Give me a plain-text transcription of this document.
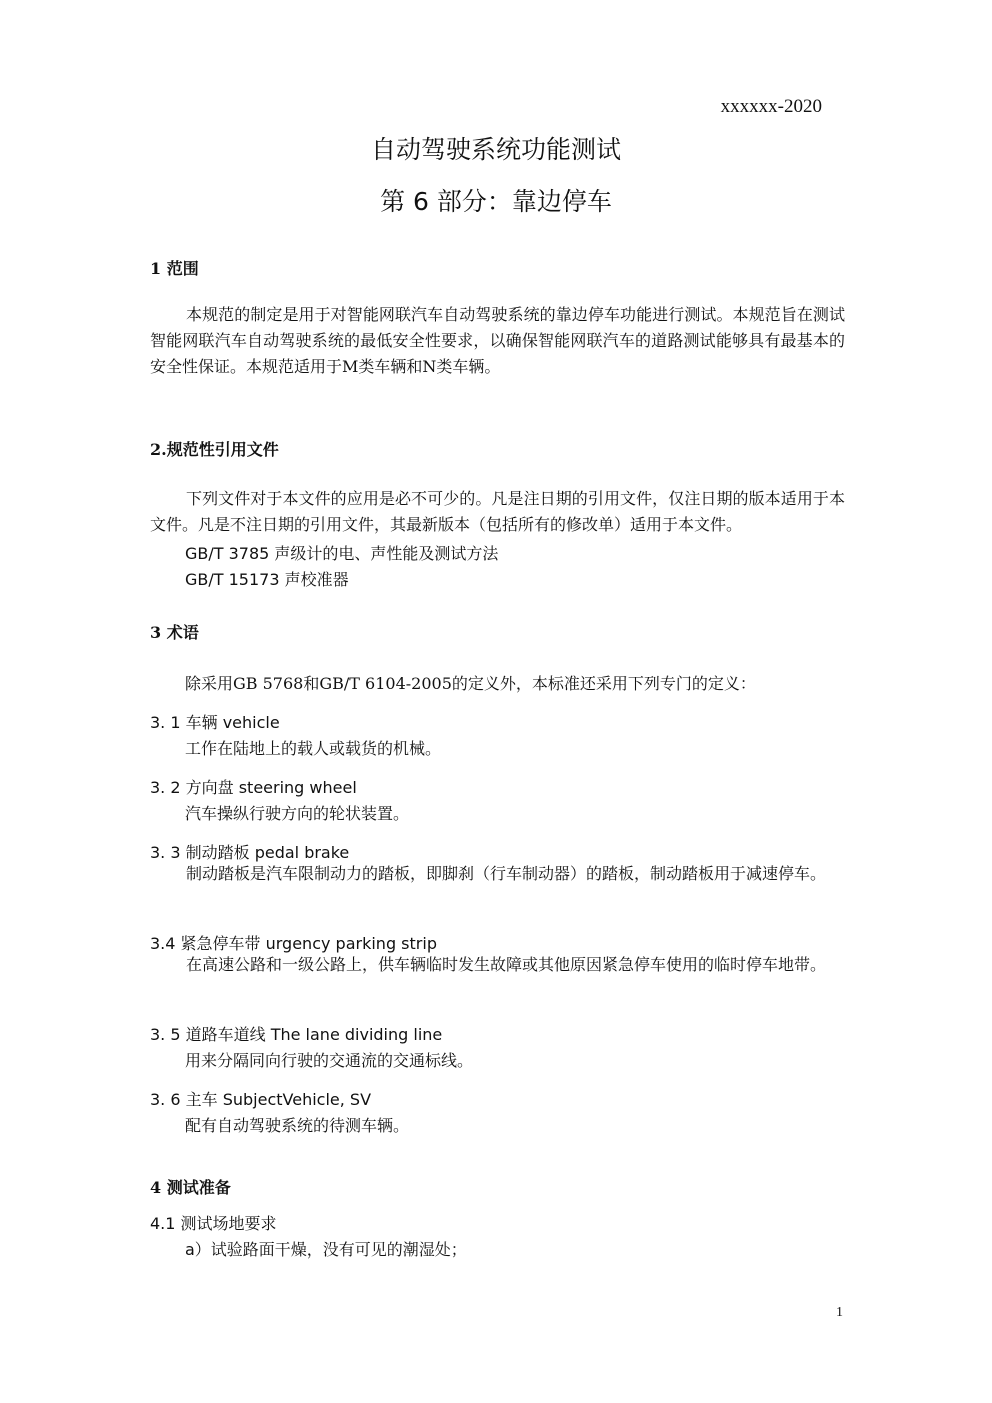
xxxxxx-2020
自动驾驶系统功能测试
第 6 部分：靠边停车
1 范围
本规范的制定是用于对智能网联汽车自动驾驶系统的靠边停车功能进行测试。本规范旨在测试智能网联汽车自动驾驶系统的最低安全性要求，以确保智能网联汽车的道路测试能够具有最基本的安全性保证。本规范适用于M类车辆和N类车辆。
2.规范性引用文件
下列文件对于本文件的应用是必不可少的。凡是注日期的引用文件，仅注日期的版本适用于本文件。凡是不注日期的引用文件，其最新版本（包括所有的修改单）适用于本文件。
GB/T 3785 声级计的电、声性能及测试方法
GB/T 15173 声校准器
3 术语
除采用GB 5768和GB/T 6104-2005的定义外，本标准还采用下列专门的定义：
3. 1 车辆 vehicle
工作在陆地上的载人或载货的机械。
3. 2 方向盘 steering wheel
汽车操纵行驶方向的轮状装置。
3. 3 制动踏板 pedal brake
制动踏板是汽车限制动力的踏板，即脚刹（行车制动器）的踏板，制动踏板用于减速停车。
3.4 紧急停车带 urgency parking strip
在高速公路和一级公路上，供车辆临时发生故障或其他原因紧急停车使用的临时停车地带。
3. 5 道路车道线 The lane dividing line
用来分隔同向行驶的交通流的交通标线。
3. 6 主车 SubjectVehicle, SV
配有自动驾驶系统的待测车辆。
4 测试准备
4.1 测试场地要求
a）试验路面干燥，没有可见的潮湿处；
1
